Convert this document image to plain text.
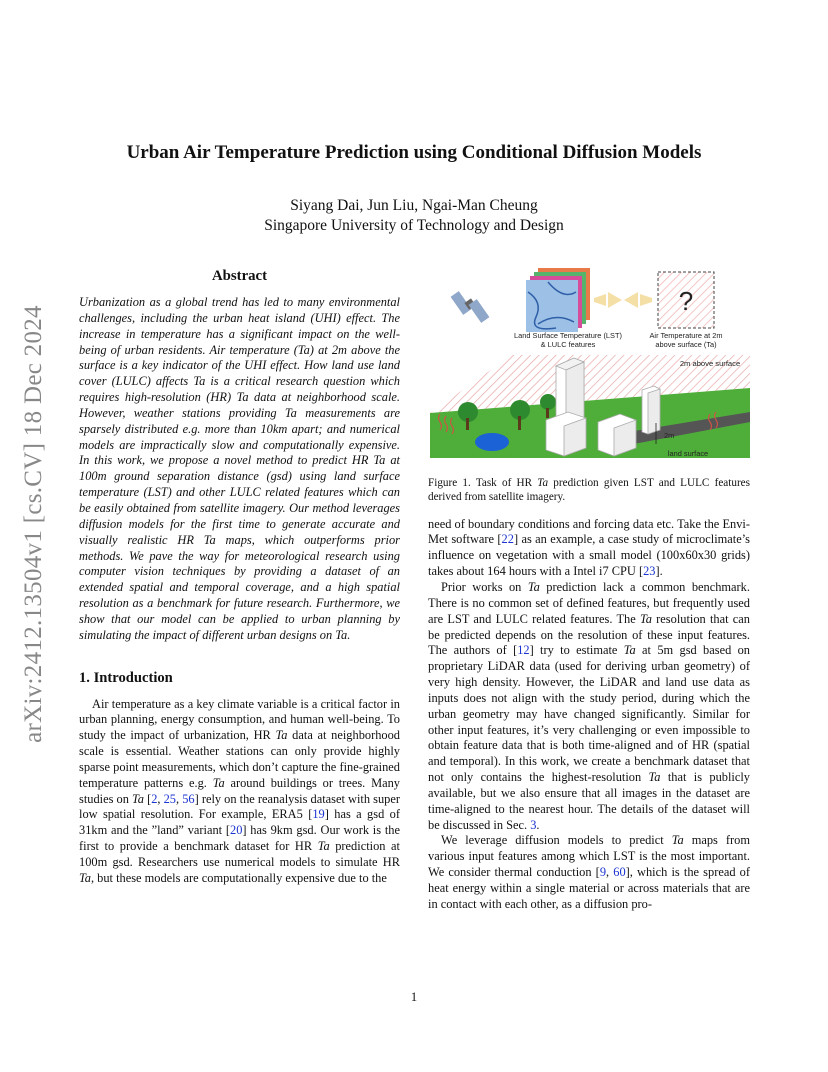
arXiv:2412.13504v1 [cs.CV] 18 Dec 2024
Urban Air Temperature Prediction using Conditional Diffusion Models
Siyang Dai, Jun Liu, Ngai-Man Cheung
Singapore University of Technology and Design
Abstract

Urbanization as a global trend has led to many environmental challenges, including the urban heat island (UHI) effect. The increase in temperature has a significant impact on the well-being of urban residents. Air temperature (Ta) at 2m above the surface is a key indicator of the UHI effect. How land use land cover (LULC) affects Ta is a critical research question which requires high-resolution (HR) Ta data at neighborhood scale. However, weather stations providing Ta measurements are sparsely distributed e.g. more than 10km apart; and numerical models are impractically slow and computationally expensive. In this work, we propose a novel method to predict HR Ta at 100m ground separation distance (gsd) using land surface temperature (LST) and other LULC related features which can be easily obtained from satellite imagery. Our method leverages diffusion models for the first time to generate accurate and visually realistic HR Ta maps, which outperforms prior methods. We pave the way for meteorological research using computer vision techniques by providing a dataset of an extended spatial and temporal coverage, and a high spatial resolution as a benchmark for future research. Furthermore, we show that our model can be applied to urban planning by simulating the impact of different urban designs on Ta.

1. Introduction

Air temperature as a key climate variable is a critical factor in urban planning, energy consumption, and human well-being. To study the impact of urbanization, HR Ta data at neighborhood scale is essential. Weather stations can only provide highly sparse point measurements, which don’t capture the fine-grained temperature patterns e.g. Ta around buildings or trees. Many studies on Ta [2, 25, 56] rely on the reanalysis dataset with super low spatial resolution. For example, ERA5 [19] has a gsd of 31km and the ”land” variant [20] has 9km gsd. Our work is the first to provide a benchmark dataset for HR Ta prediction at 100m gsd. Researchers use numerical models to simulate HR Ta, but these models are computationally expensive due to the

Land Surface Temperature (LST)
& LULC features
?
Air Temperature at 2m
above surface (Ta)
2m above surface
2m
land surface

Figure 1. Task of HR Ta prediction given LST and LULC features derived from satellite imagery.

need of boundary conditions and forcing data etc. Take the Envi-Met software [22] as an example, a case study of microclimate’s influence on vegetation with a small model (100x60x30 grids) takes about 164 hours with a Intel i7 CPU [23].

Prior works on Ta prediction lack a common benchmark. There is no common set of defined features, but frequently used are LST and LULC related features. The Ta resolution that can be predicted depends on the resolution of these input features. The authors of [12] try to estimate Ta at 5m gsd based on proprietary LiDAR data (used for deriving urban geometry) of very high density. However, the LiDAR and land use data as inputs does not align with the study period, during which the urban geometry may have changed significantly. Similar for other input features, it’s very challenging or even impossible to obtain feature data that is both time-aligned and of HR (spatial and temporal). In this work, we create a benchmark dataset that not only contains the highest-resolution Ta that is publicly available, but we also ensure that all images in the dataset are time-aligned to the nearest hour. The details of the dataset will be discussed in Sec. 3.

We leverage diffusion models to predict Ta maps from various input features among which LST is the most important. We consider thermal conduction [9, 60], which is the spread of heat energy within a single material or across materials that are in contact with each other, as a diffusion pro-

1
